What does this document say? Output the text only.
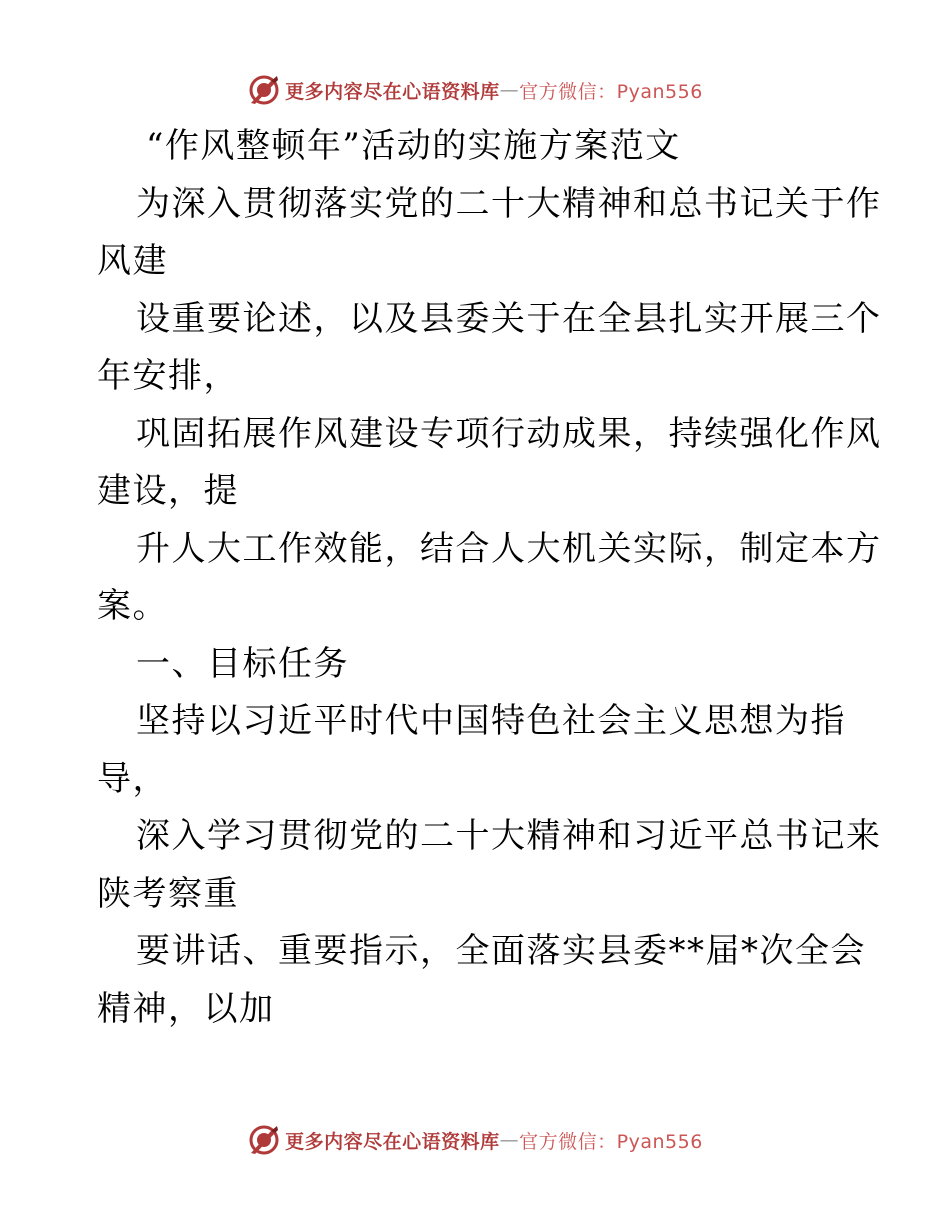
更多内容尽在心语资料库 — 官方微信：Pyan556
“作风整顿年”活动的实施方案范文
为深入贯彻落实党的二十大精神和总书记关于作
风建
设重要论述，以及县委关于在全县扎实开展三个
年安排，
巩固拓展作风建设专项行动成果，持续强化作风
建设，提
升人大工作效能，结合人大机关实际，制定本方
案。
一、目标任务
坚持以习近平时代中国特色社会主义思想为指
导，
深入学习贯彻党的二十大精神和习近平总书记来
陕考察重
要讲话、重要指示，全面落实县委**届*次全会
精神，以加
更多内容尽在心语资料库 — 官方微信：Pyan556
